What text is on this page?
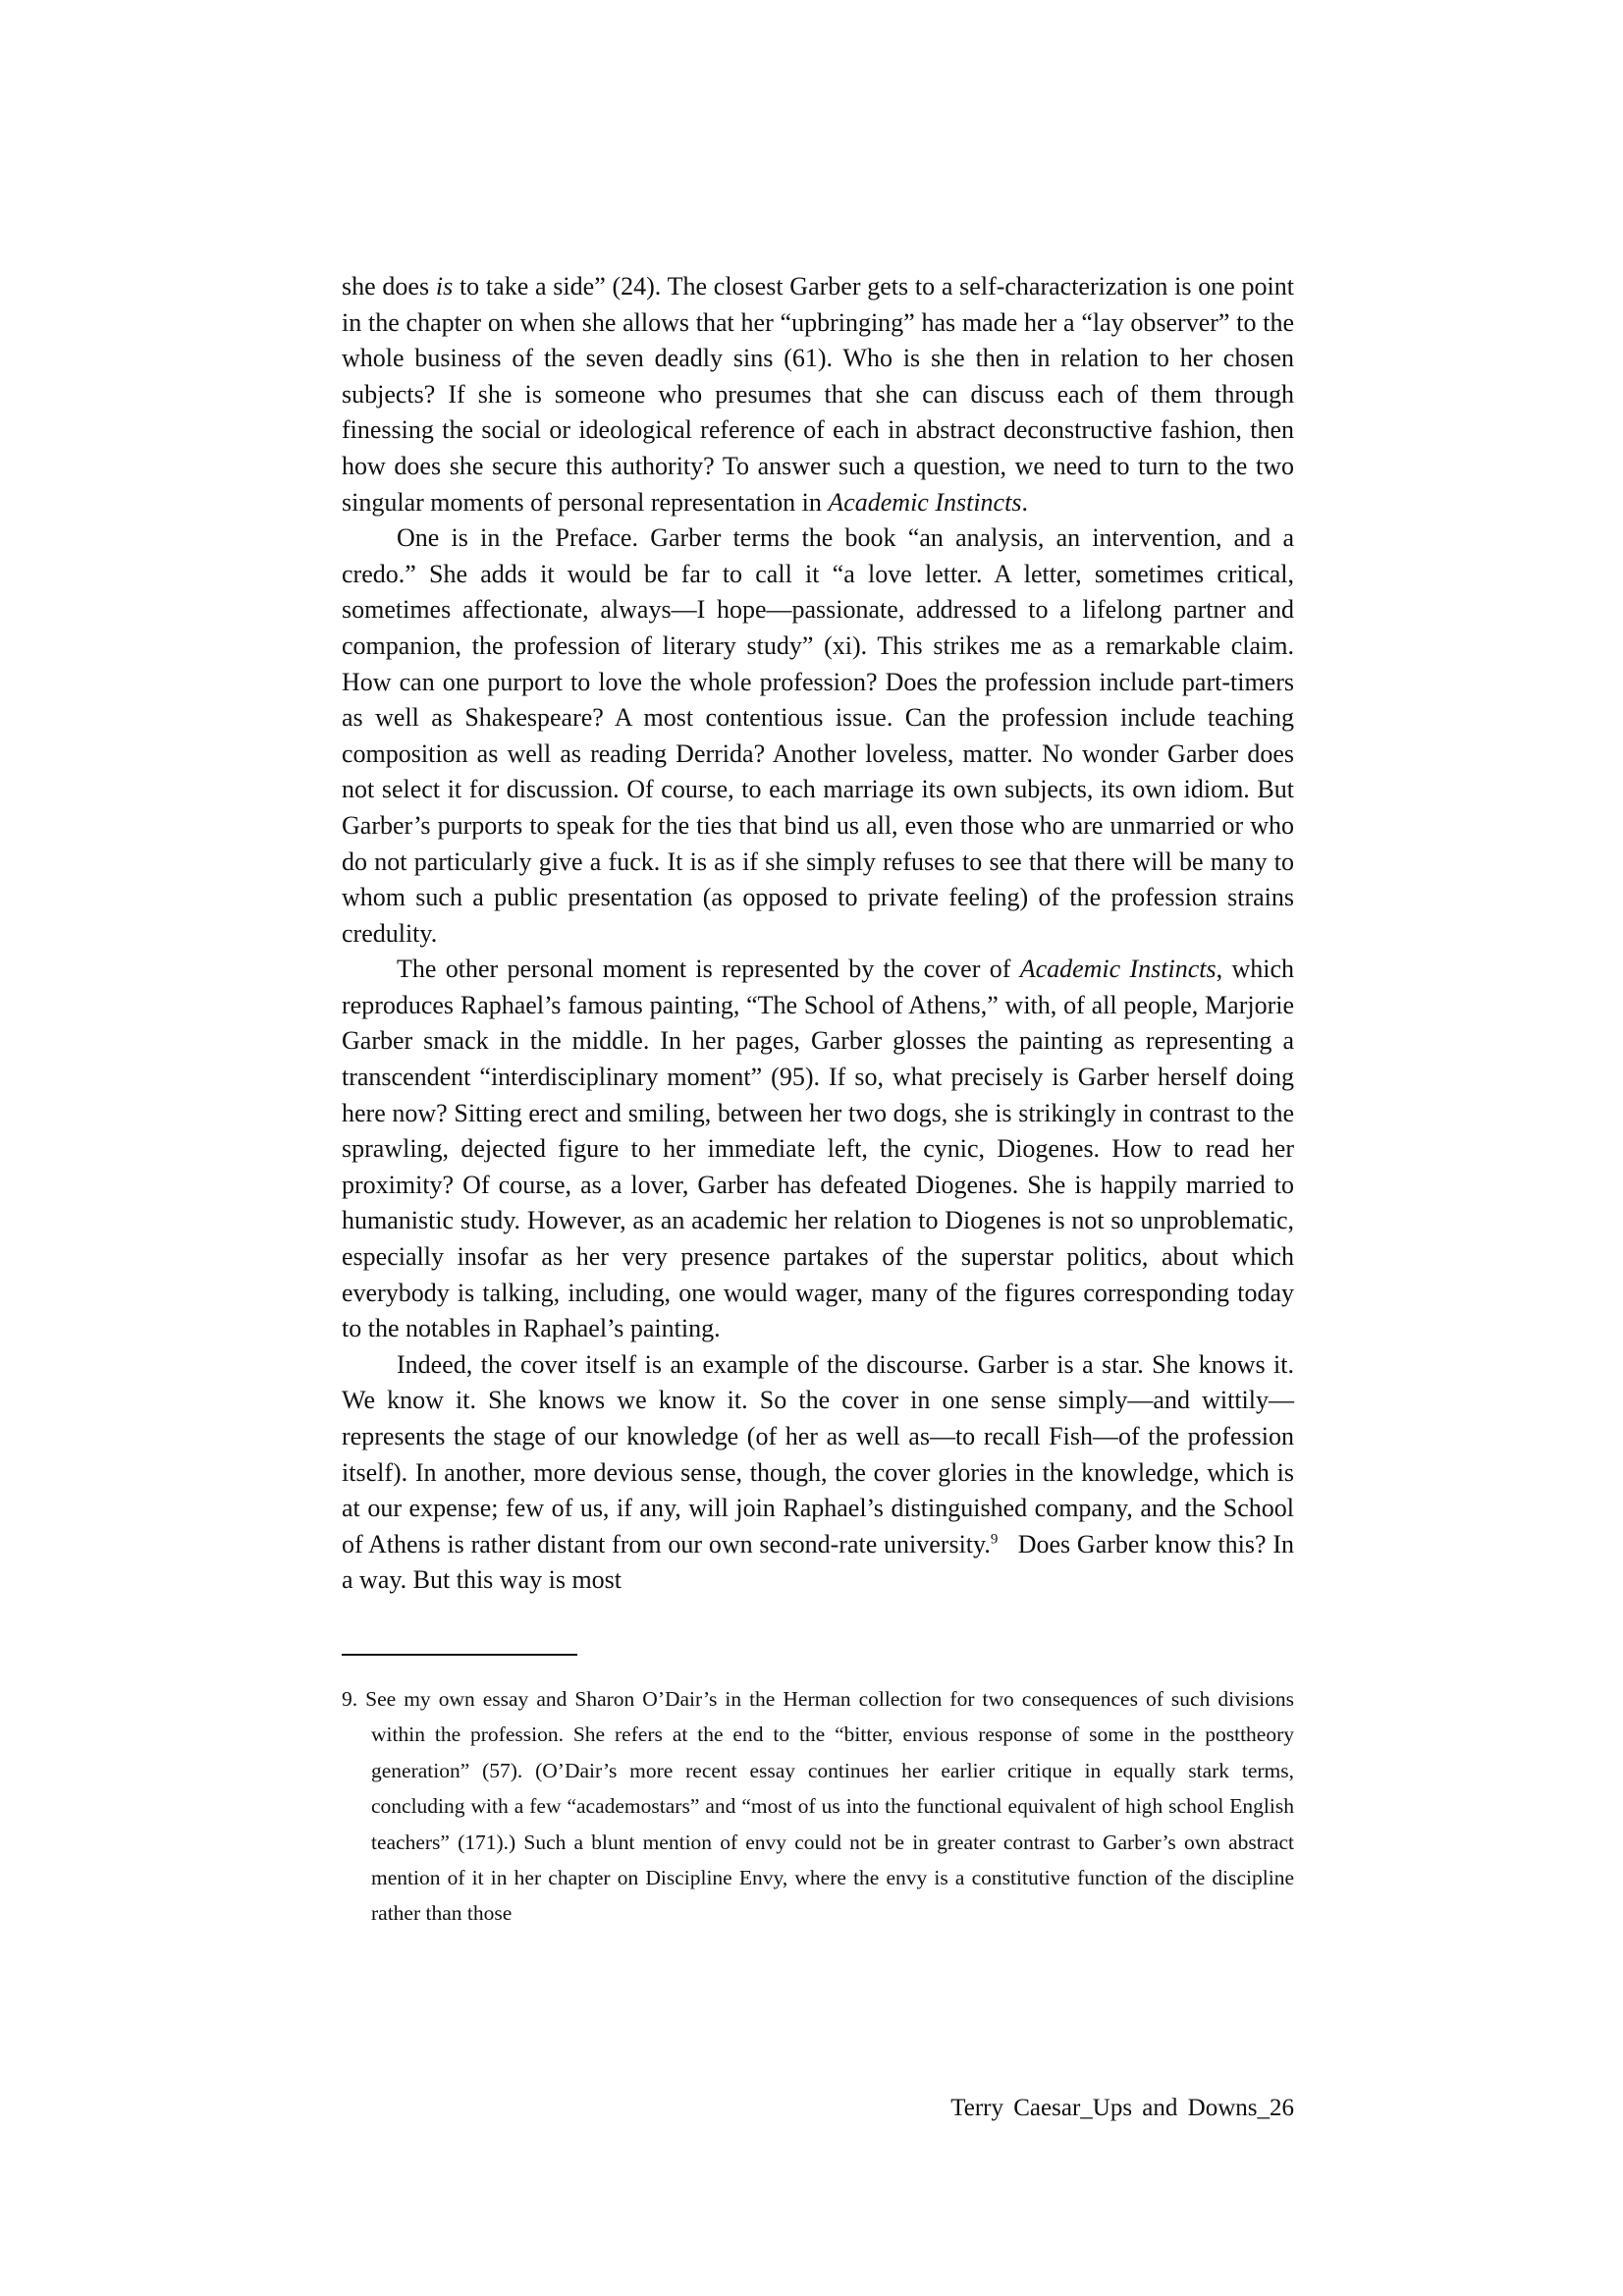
she does is to take a side” (24). The closest Garber gets to a self-characterization is one point in the chapter on when she allows that her “upbringing” has made her a “lay observer” to the whole business of the seven deadly sins (61). Who is she then in relation to her chosen subjects? If she is someone who presumes that she can discuss each of them through finessing the social or ideological reference of each in abstract deconstructive fashion, then how does she secure this authority? To answer such a question, we need to turn to the two singular moments of personal representation in Academic Instincts.

One is in the Preface. Garber terms the book “an analysis, an intervention, and a credo.” She adds it would be far to call it “a love letter. A letter, sometimes critical, sometimes affectionate, always—I hope—passionate, addressed to a lifelong partner and companion, the profession of literary study” (xi). This strikes me as a remarkable claim. How can one purport to love the whole profession? Does the profession include part-timers as well as Shakespeare? A most contentious issue. Can the profession include teaching composition as well as reading Derrida? Another loveless, matter. No wonder Garber does not select it for discussion. Of course, to each marriage its own subjects, its own idiom. But Garber’s purports to speak for the ties that bind us all, even those who are unmarried or who do not particularly give a fuck. It is as if she simply refuses to see that there will be many to whom such a public presentation (as opposed to private feeling) of the profession strains credulity.

The other personal moment is represented by the cover of Academic Instincts, which reproduces Raphael’s famous painting, “The School of Athens,” with, of all people, Marjorie Garber smack in the middle. In her pages, Garber glosses the painting as representing a transcendent “interdisciplinary moment” (95). If so, what precisely is Garber herself doing here now? Sitting erect and smiling, between her two dogs, she is strikingly in contrast to the sprawling, dejected figure to her immediate left, the cynic, Diogenes. How to read her proximity? Of course, as a lover, Garber has defeated Diogenes. She is happily married to humanistic study. However, as an academic her relation to Diogenes is not so unproblematic, especially insofar as her very presence partakes of the superstar politics, about which everybody is talking, including, one would wager, many of the figures corresponding today to the notables in Raphael’s painting.

Indeed, the cover itself is an example of the discourse. Garber is a star. She knows it. We know it. She knows we know it. So the cover in one sense simply—and wittily—represents the stage of our knowledge (of her as well as—to recall Fish—of the profession itself). In another, more devious sense, though, the cover glories in the knowledge, which is at our expense; few of us, if any, will join Raphael’s distinguished company, and the School of Athens is rather distant from our own second-rate university.$^9$   Does Garber know this? In a way. But this way is most

9. See my own essay and Sharon O’Dair’s in the Herman collection for two consequences of such divisions within the profession. She refers at the end to the “bitter, envious response of some in the posttheory generation” (57). (O’Dair’s more recent essay continues her earlier critique in equally stark terms, concluding with a few “academostars” and “most of us into the functional equivalent of high school English teachers” (171).) Such a blunt mention of envy could not be in greater contrast to Garber’s own abstract mention of it in her chapter on Discipline Envy, where the envy is a constitutive function of the discipline rather than those
Terry Caesar_Ups and Downs_26
